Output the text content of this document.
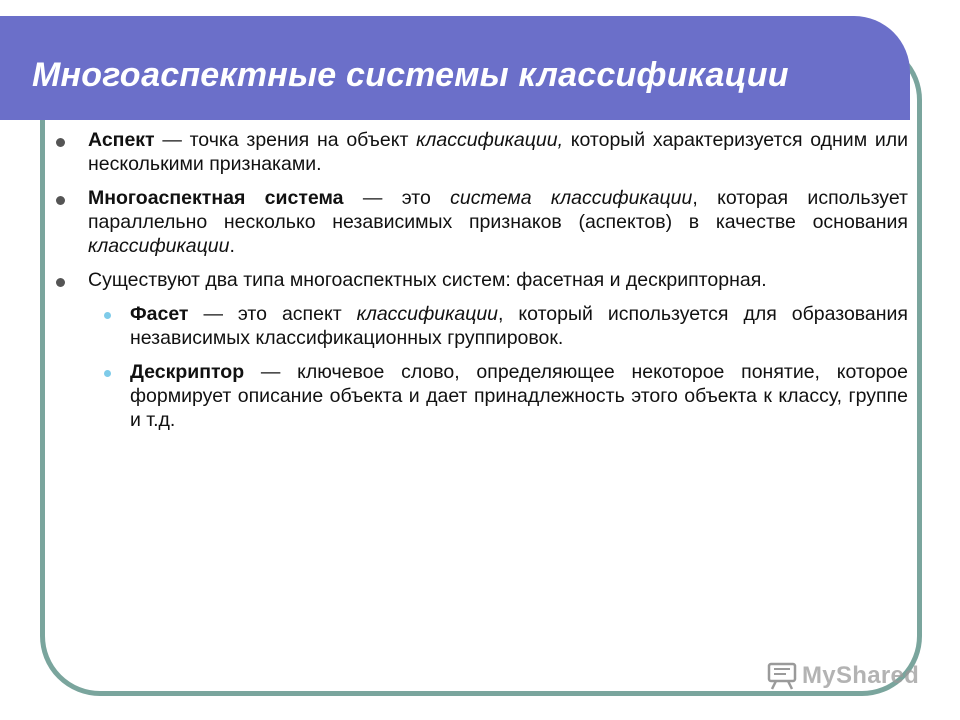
Многоаспектные системы классификации
Аспект — точка зрения на объект классификации, который характеризуется одним или несколькими признаками.
Многоаспектная система — это система классификации, которая использует параллельно несколько независимых признаков (аспектов) в качестве основания классификации.
Существуют два типа многоаспектных систем: фасетная и дескрипторная.
Фасет — это аспект классификации, который используется для образования независимых классификационных группировок.
Дескриптор — ключевое слово, определяющее некоторое понятие, которое формирует описание объекта и дает принадлежность этого объекта к классу, группе и т.д.
MyShared
